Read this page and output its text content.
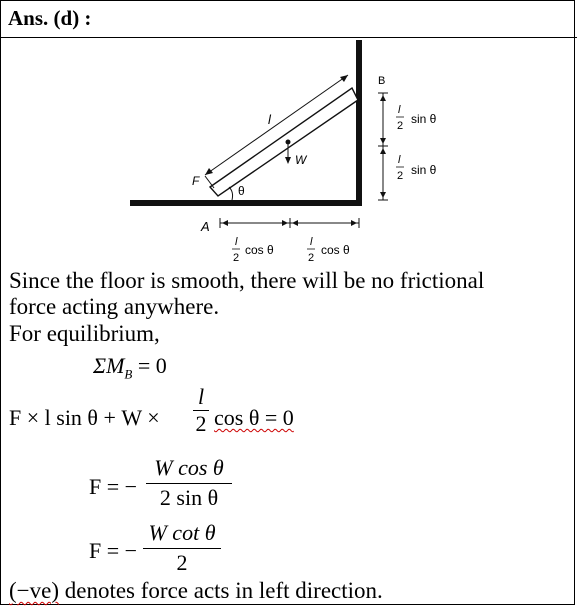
Ans. (d) :
l
W
F
θ
A
B
l
2 sin θ
l
2 sin θ
l
2
cos θ
l
2
cos θ
Since the floor is smooth, there will be no frictional
force acting anywhere.
For equilibrium,
$\Sigma M_B = 0$
F × l sin θ + W ×
l
2 cos θ = 0
F = −
W cos θ
2 sin θ
F = −
W cot θ
2
(−ve) denotes force acts in left direction.
